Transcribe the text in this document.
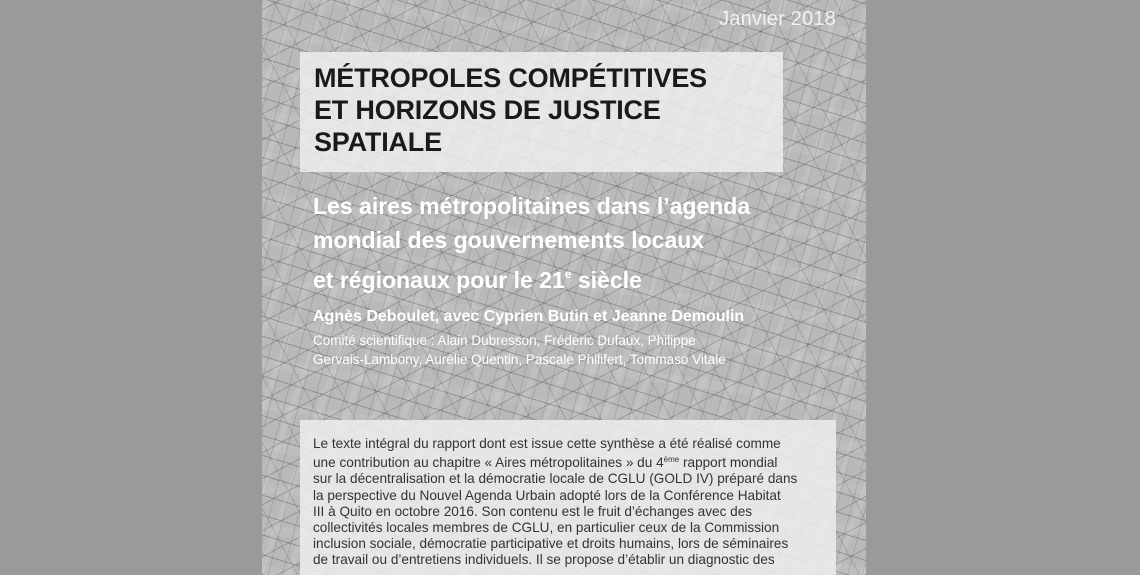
Janvier 2018
MÉTROPOLES COMPÉTITIVES
ET HORIZONS DE JUSTICE
SPATIALE
Les aires métropolitaines dans l’agenda
mondial des gouvernements locaux
et régionaux pour le 21e siècle

Agnès Deboulet, avec Cyprien Butin et Jeanne Demoulin

Comité scientifique : Alain Dubresson, Fréderic Dufaux, Philippe
Gervais-Lambony, Aurélie Quentin, Pascale Philifert, Tommaso Vitale

Le texte intégral du rapport dont est issue cette synthèse a été réalisé comme
une contribution au chapitre « Aires métropolitaines » du 4ème rapport mondial
sur la décentralisation et la démocratie locale de CGLU (GOLD IV) préparé dans
la perspective du Nouvel Agenda Urbain adopté lors de la Conférence Habitat
III à Quito en octobre 2016. Son contenu est le fruit d’échanges avec des
collectivités locales membres de CGLU, en particulier ceux de la Commission
inclusion sociale, démocratie participative et droits humains, lors de séminaires
de travail ou d’entretiens individuels. Il se propose d’établir un diagnostic des
